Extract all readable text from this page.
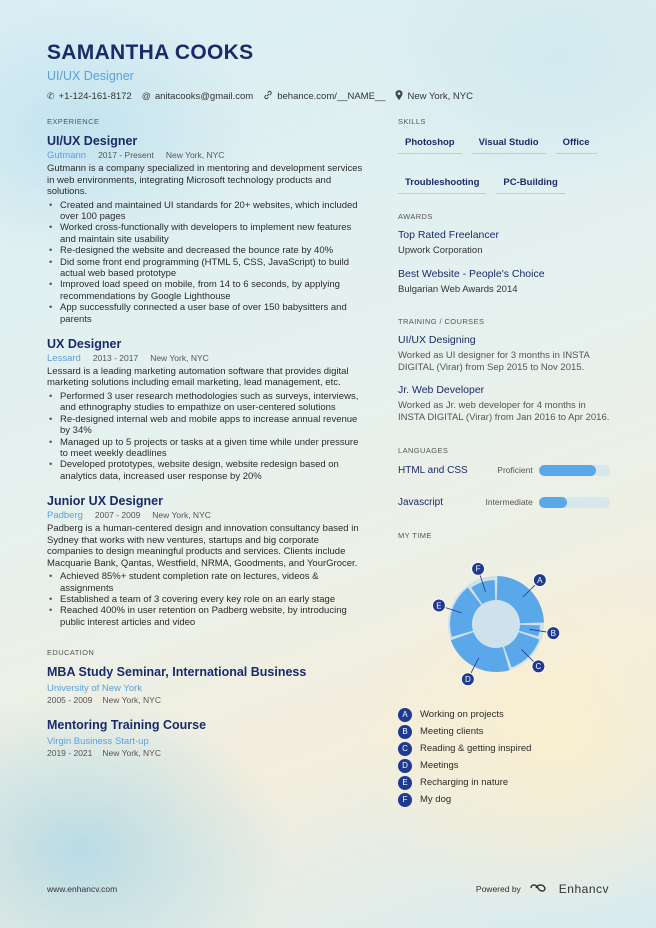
SAMANTHA COOKS
UI/UX Designer
✆ +1-124-161-8172 @ anitacooks@gmail.com	behance.com/__NAME__ New York, NYC
EXPERIENCE
UI/UX Designer
Gutmann 2017 - Present New York, NYC
Gutmann is a company specialized in mentoring and development services in web environments, integrating Microsoft technology products and solutions.
• Created and maintained UI standards for 20+ websites, which included over 100 pages
• Worked cross-functionally with developers to implement new features and maintain site usability
• Re-designed the website and decreased the bounce rate by 40%
• Did some front end programming (HTML 5, CSS, JavaScript) to build actual web based prototype
• Improved load speed on mobile, from 14 to 6 seconds, by applying recommendations by Google Lighthouse
• App successfully connected a user base of over 150 babysitters and parents
UX Designer
Lessard 2013 - 2017 New York, NYC
Lessard is a leading marketing automation software that provides digital marketing solutions including email marketing, lead management, etc.
• Performed 3 user research methodologies such as surveys, interviews, and ethnography studies to empathize on user-centered solutions
• Re-designed internal web and mobile apps to increase annual revenue by 34%
• Managed up to 5 projects or tasks at a given time while under pressure to meet weekly deadlines
• Developed prototypes, website design, website redesign based on analytics data, increased user response by 20%
Junior UX Designer
Padberg 2007 - 2009 New York, NYC
Padberg is a human-centered design and innovation consultancy based in Sydney that works with new ventures, startups and big corporate companies to design meaningful products and services. Clients include Macquarie Bank, Qantas, Westfield, NRMA, Goodments, and YourGrocer.
• Achieved 85%+ student completion rate on lectures, videos & assignments
• Established a team of 3 covering every key role on an early stage
• Reached 400% in user retention on Padberg website, by introducing public interest articles and video
EDUCATION
MBA Study Seminar, International Business
University of New York
2005 - 2009 New York, NYC
Mentoring Training Course
Virgin Business Start-up
2019 - 2021 New York, NYC
SKILLS
Photoshop	Visual Studio	Office
Troubleshooting	PC-Building
AWARDS
Top Rated Freelancer
Upwork Corporation
Best Website - People's Choice
Bulgarian Web Awards 2014
TRAINING / COURSES
UI/UX Designing
Worked as UI designer for 3 months in INSTA DIGITAL (Virar) from Sep 2015 to Nov 2015.
Jr. Web Developer
Worked as Jr. web developer for 4 months in INSTA DIGITAL (Virar) from Jan 2016 to Apr 2016.
LANGUAGES
HTML and CSS	Proficient
Javascript	Intermediate
MY TIME
A
B
C
D
E
F
A	Working on projects
B	Meeting clients
C	Reading & getting inspired
D	Meetings
E	Recharging in nature
F	My dog
www.enhancv.com	Powered by	Enhancv
